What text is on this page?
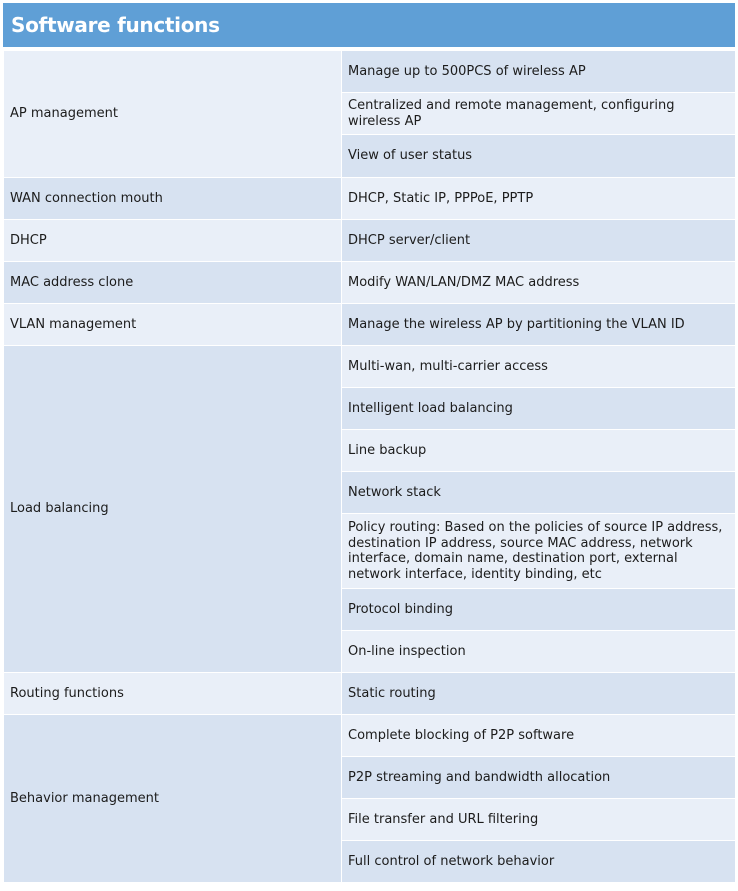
Software functions
AP management	Manage up to 500PCS of wireless AP
	Centralized and remote management, configuring wireless AP
	View of user status
WAN connection mouth	DHCP, Static IP, PPPoE, PPTP
DHCP	DHCP server/client
MAC address clone	Modify WAN/LAN/DMZ MAC address
VLAN management	Manage the wireless AP by partitioning the VLAN ID
Load balancing	Multi-wan, multi-carrier access
	Intelligent load balancing
	Line backup
	Network stack
	Policy routing: Based on the policies of source IP address, destination IP address, source MAC address, network interface, domain name, destination port, external network interface, identity binding, etc
	Protocol binding
	On-line inspection
Routing functions	Static routing
Behavior management	Complete blocking of P2P software
	P2P streaming and bandwidth allocation
	File transfer and URL filtering
	Full control of network behavior
